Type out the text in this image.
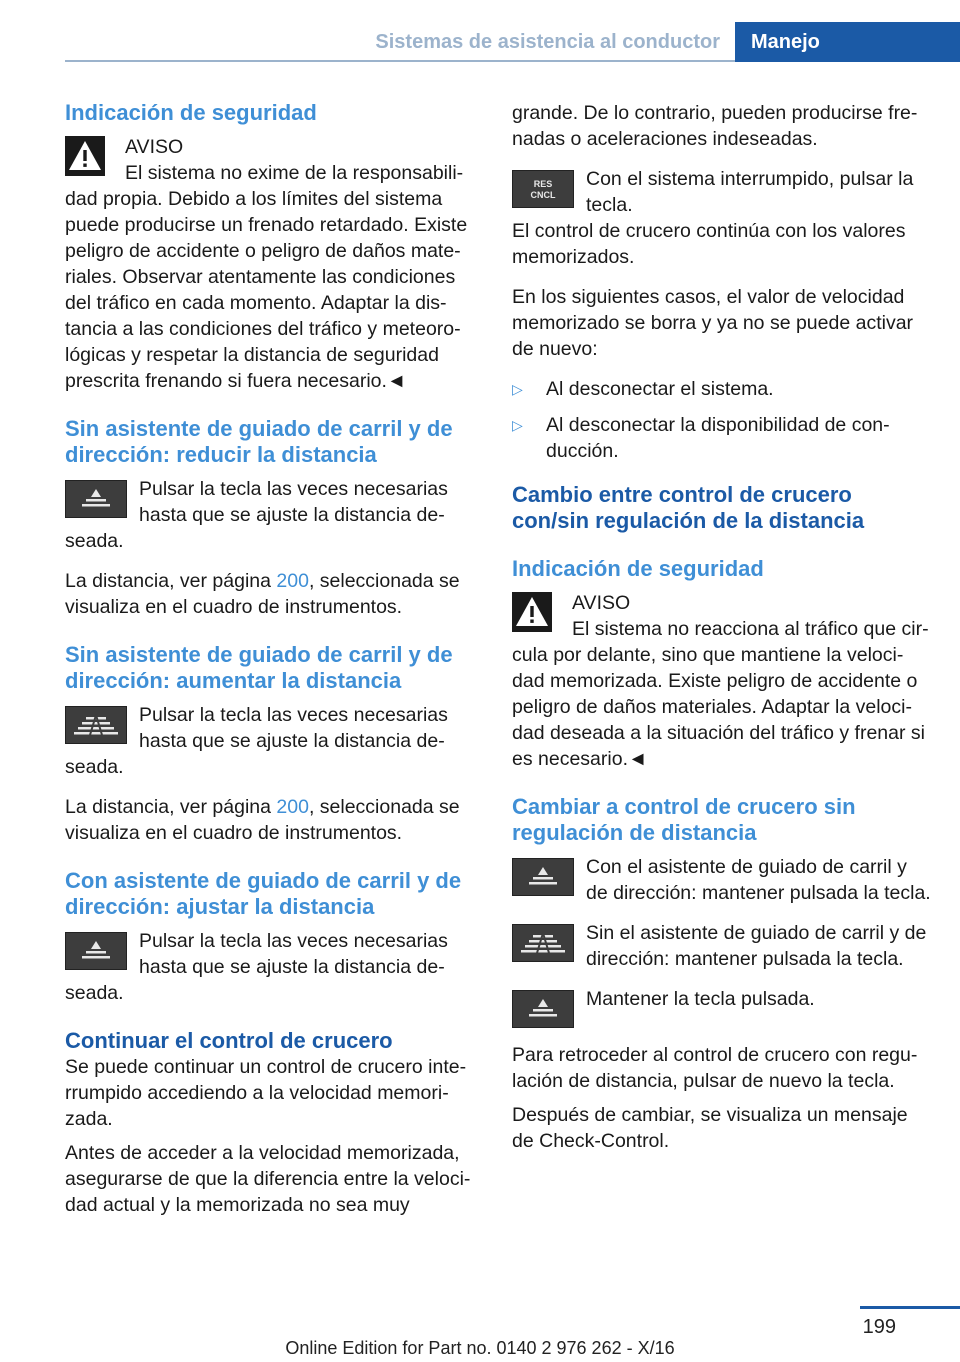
Sistemas de asistencia al conductor	Manejo
Indicación de seguridad

AVISO

El sistema no exime de la responsabili‐dad propia. Debido a los límites del sistema puede producirse un frenado retardado. Existe peligro de accidente o peligro de daños mate‐riales. Observar atentamente las condiciones del tráfico en cada momento. Adaptar la dis‐tancia a las condiciones del tráfico y meteoro‐lógicas y respetar la distancia de seguridad prescrita frenando si fuera necesario.◄

Sin asistente de guiado de carril y de dirección: reducir la distancia

Pulsar la tecla las veces necesarias hasta que se ajuste la distancia de‐seada.

La distancia, ver página 200, seleccionada se visualiza en el cuadro de instrumentos.

Sin asistente de guiado de carril y de dirección: aumentar la distancia

Pulsar la tecla las veces necesarias hasta que se ajuste la distancia de‐seada.

La distancia, ver página 200, seleccionada se visualiza en el cuadro de instrumentos.

Con asistente de guiado de carril y de dirección: ajustar la distancia

Pulsar la tecla las veces necesarias hasta que se ajuste la distancia de‐seada.

Continuar el control de crucero

Se puede continuar un control de crucero inte‐rrumpido accediendo a la velocidad memori‐zada.

Antes de acceder a la velocidad memorizada, asegurarse de que la diferencia entre la veloci‐dad actual y la memorizada no sea muy

grande. De lo contrario, pueden producirse fre‐nadas o aceleraciones indeseadas.

RES
CNCL

Con el sistema interrumpido, pulsar la tecla.

El control de crucero continúa con los valores memorizados.

En los siguientes casos, el valor de velocidad memorizado se borra y ya no se puede activar de nuevo:

▷ Al desconectar el sistema.
▷ Al desconectar la disponibilidad de con‐ducción.
Cambio entre control de crucero con/sin regulación de la distancia
Indicación de seguridad

AVISO

El sistema no reacciona al tráfico que cir‐cula por delante, sino que mantiene la veloci‐dad memorizada. Existe peligro de accidente o peligro de daños materiales. Adaptar la veloci‐dad deseada a la situación del tráfico y frenar si es necesario.◄

Cambiar a control de crucero sin regulación de distancia

Con el asistente de guiado de carril y de dirección: mantener pulsada la tecla.

Sin el asistente de guiado de carril y de dirección: mantener pulsada la tecla.

Mantener la tecla pulsada.

Para retroceder al control de crucero con regu‐lación de distancia, pulsar de nuevo la tecla.

Después de cambiar, se visualiza un mensaje de Check-Control.

199
Online Edition for Part no. 0140 2 976 262 - X/16
